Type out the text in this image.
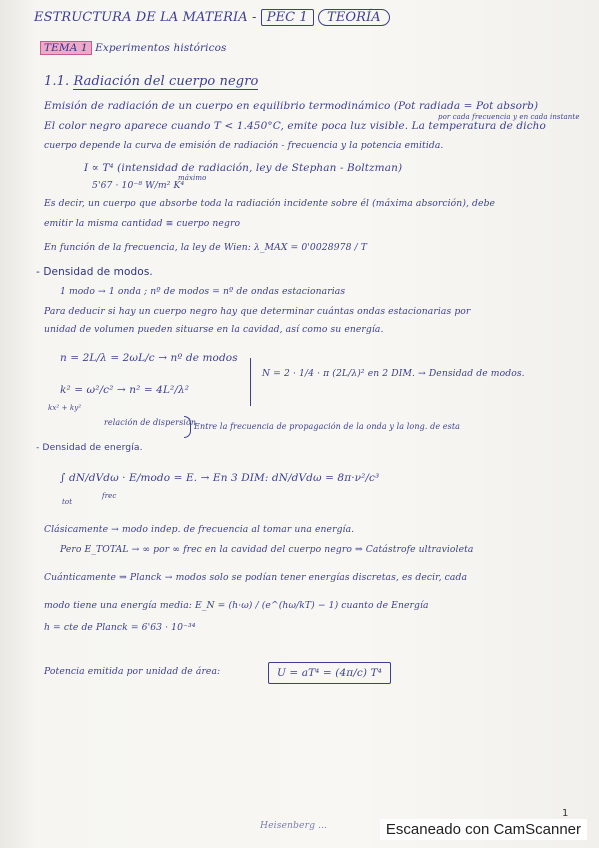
ESTRUCTURA DE LA MATERIA - PEC 1 TEORÍA
TEMA 1 Experimentos históricos
1.1. Radiación del cuerpo negro
Emisión de radiación de un cuerpo en equilibrio termodinámico (Pot radiada = Pot absorb)
por cada frecuencia y en cada instante
El color negro aparece cuando T < 1.450°C, emite poca luz visible. La temperatura de dicho
cuerpo depende la curva de emisión de radiación - frecuencia y la potencia emitida.
I ∝ T⁴ (intensidad de radiación, ley de Stephan - Boltzman)
máximo
5'67 · 10⁻⁸ W/m² K⁴
Es decir, un cuerpo que absorbe toda la radiación incidente sobre él (máxima absorción), debe
emitir la misma cantidad ≡ cuerpo negro
En función de la frecuencia, la ley de Wien: λ_MAX = 0'0028978 / T
- Densidad de modos.
1 modo → 1 onda ; nº de modos = nº de ondas estacionarias
Para deducir si hay un cuerpo negro hay que determinar cuántas ondas estacionarias por
unidad de volumen pueden situarse en la cavidad, así como su energía.
n = 2L/λ = 2ωL/c → nº de modos
N = 2 · 1/4 · π (2L/λ)² en 2 DIM. → Densidad de modos.
k² = ω²/c² → n² = 4L²/λ²
kx² + ky²
relación de dispersión
Entre la frecuencia de propagación de la onda y la long. de esta
- Densidad de energía.
∫ dN/dVdω · E/modo = E. → En 3 DIM: dN/dVdω = 8π·ν²/c³
tot
frec
Clásicamente → modo indep. de frecuencia al tomar una energía.
Pero E_TOTAL → ∞ por ∞ frec en la cavidad del cuerpo negro ⇒ Catástrofe ultravioleta
Cuánticamente ⇒ Planck → modos solo se podían tener energías discretas, es decir, cada
modo tiene una energía media: E_N = (h·ω) / (e^(hω/kT) − 1) cuanto de Energía
h = cte de Planck = 6'63 · 10⁻³⁴
Potencia emitida por unidad de área:	U = aT⁴ = (4π/c) T⁴
Heisenberg ...
1
Escaneado con CamScanner
